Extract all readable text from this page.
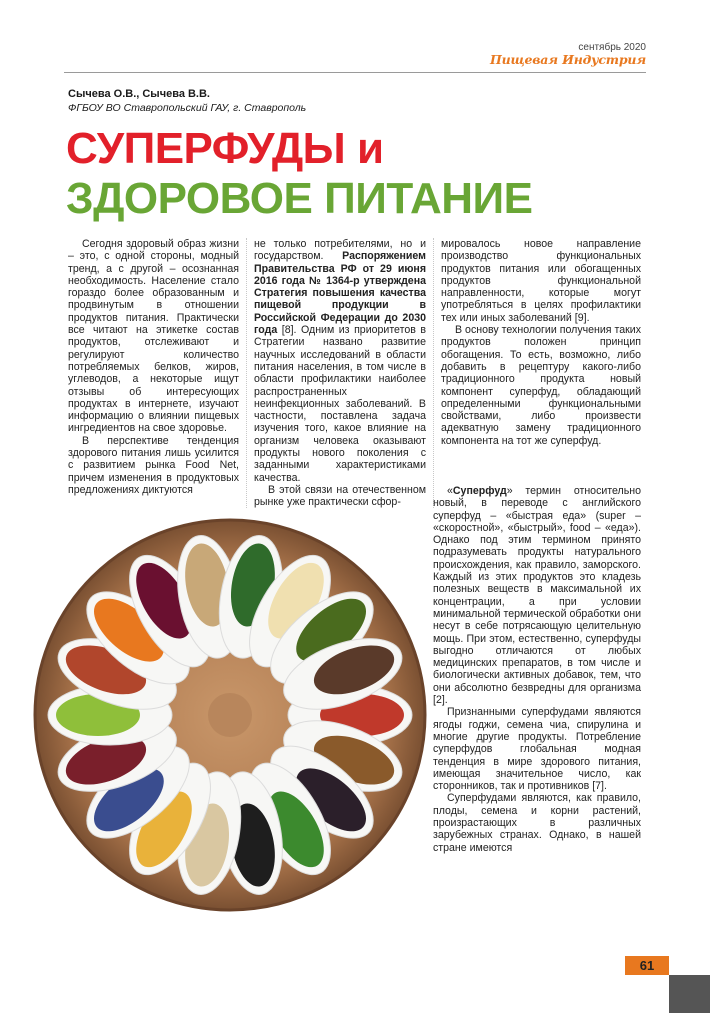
сентябрь 2020
Пищевая Индустрия
Сычева О.В., Сычева В.В.
ФГБОУ ВО Ставропольский ГАУ, г. Ставрополь
СУПЕРФУДЫ и
ЗДОРОВОЕ ПИТАНИЕ

Сегодня здоровый образ жизни – это, с одной стороны, модный тренд, а с другой – осознанная необходимость. Население стало гораздо более образованным и продвинутым в отношении продуктов питания. Практически все читают на этикетке состав продуктов, отслеживают и регулируют количество потребляемых белков, жиров, углеводов, а некоторые ищут отзывы об интересующих продуктах в интернете, изучают информацию о влиянии пищевых ингредиентов на свое здоровье.

В перспективе тенденция здорового питания лишь усилится с развитием рынка Food Net, причем изменения в продуктовых предложениях диктуются

не только потребителями, но и государством. Распоряжением Правительства РФ от 29 июня 2016 года № 1364-р утверждена Стратегия повышения качества пищевой продукции в Российской Федерации до 2030 года [8]. Одним из приоритетов в Стратегии названо развитие научных исследований в области питания населения, в том числе в области профилактики наиболее распространенных неинфекционных заболеваний. В частности, поставлена задача изучения того, какое влияние на организм человека оказывают продукты нового поколения с заданными характеристиками качества.

В этой связи на отечественном рынке уже практически сфор-

мировалось новое направление производство функциональных продуктов питания или обогащенных продуктов функциональной направленности, которые могут употребляться в целях профилактики тех или иных заболеваний [9].

В основу технологии получения таких продуктов положен принцип обогащения. То есть, возможно, либо добавить в рецептуру какого-либо традиционного продукта новый компонент суперфуд, обладающий определенными функциональными свойствами, либо произвести адекватную замену традиционного компонента на тот же суперфуд.

«Суперфуд» термин относительно новый, в переводе с английского суперфуд – «быстрая еда» (super – «скоростной», «быстрый», food – «еда»). Однако под этим термином принято подразумевать продукты натурального происхождения, как правило, заморского. Каждый из этих продуктов это кладезь полезных веществ в максимальной их концентрации, а при условии минимальной термической обработки они несут в себе потрясающую целительную мощь. При этом, естественно, суперфуды выгодно отличаются от любых медицинских препаратов, в том числе и биологически активных добавок, тем, что они абсолютно безвредны для организма [2].

Признанными суперфудами являются ягоды годжи, семена чиа, спирулина и многие другие продукты. Потребление суперфудов глобальная модная тенденция в мире здорового питания, имеющая значительное число, как сторонников, так и противников [7].

Суперфудами являются, как правило, плоды, семена и корни растений, произрастающих в различных зарубежных странах. Однако, в нашей стране имеются

61
